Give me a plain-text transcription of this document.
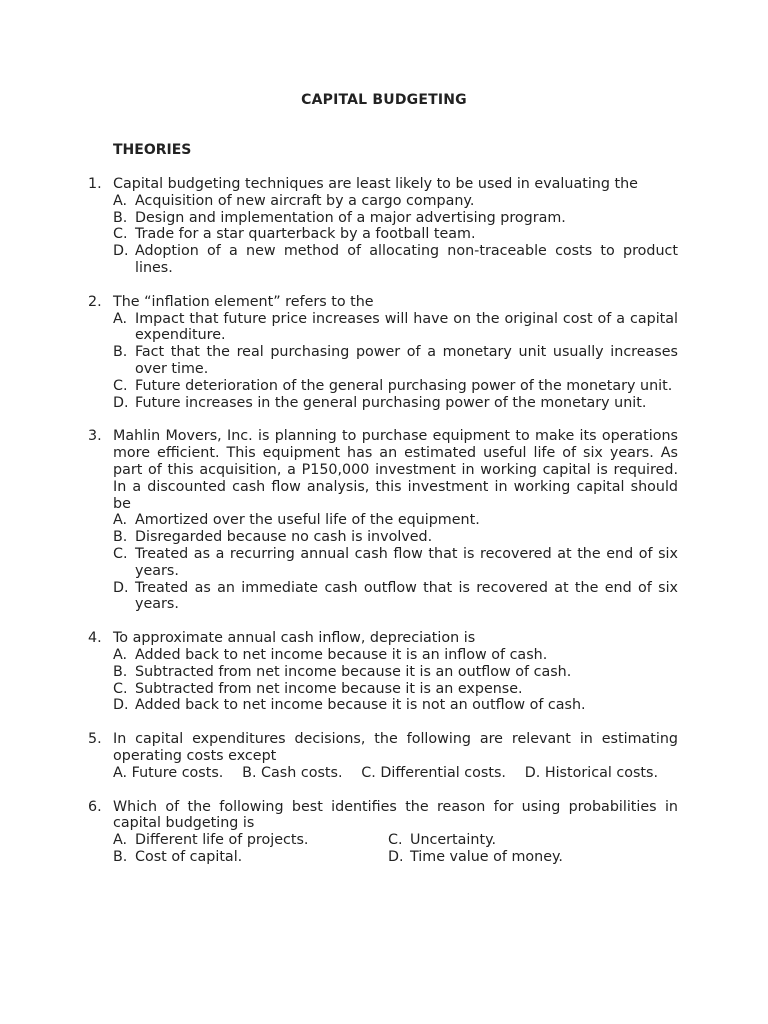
CAPITAL BUDGETING
THEORIES
1. Capital budgeting techniques are least likely to be used in evaluating the
A. Acquisition of new aircraft by a cargo company.
B. Design and implementation of a major advertising program.
C. Trade for a star quarterback by a football team.
D. Adoption of a new method of allocating non-traceable costs to product lines.
2. The “inflation element” refers to the
A. Impact that future price increases will have on the original cost of a capital expenditure.
B. Fact that the real purchasing power of a monetary unit usually increases over time.
C. Future deterioration of the general purchasing power of the monetary unit.
D. Future increases in the general purchasing power of the monetary unit.
3. Mahlin Movers, Inc. is planning to purchase equipment to make its operations more efficient. This equipment has an estimated useful life of six years. As part of this acquisition, a P150,000 investment in working capital is required. In a discounted cash flow analysis, this investment in working capital should be
A. Amortized over the useful life of the equipment.
B. Disregarded because no cash is involved.
C. Treated as a recurring annual cash flow that is recovered at the end of six years.
D. Treated as an immediate cash outflow that is recovered at the end of six years.
4. To approximate annual cash inflow, depreciation is
A. Added back to net income because it is an inflow of cash.
B. Subtracted from net income because it is an outflow of cash.
C. Subtracted from net income because it is an expense.
D. Added back to net income because it is not an outflow of cash.
5. In capital expenditures decisions, the following are relevant in estimating operating costs except
A. Future costs. B. Cash costs. C. Differential costs. D. Historical costs.
6. Which of the following best identifies the reason for using probabilities in capital budgeting is
A. Different life of projects.	C. Uncertainty.
B. Cost of capital.	D. Time value of money.
